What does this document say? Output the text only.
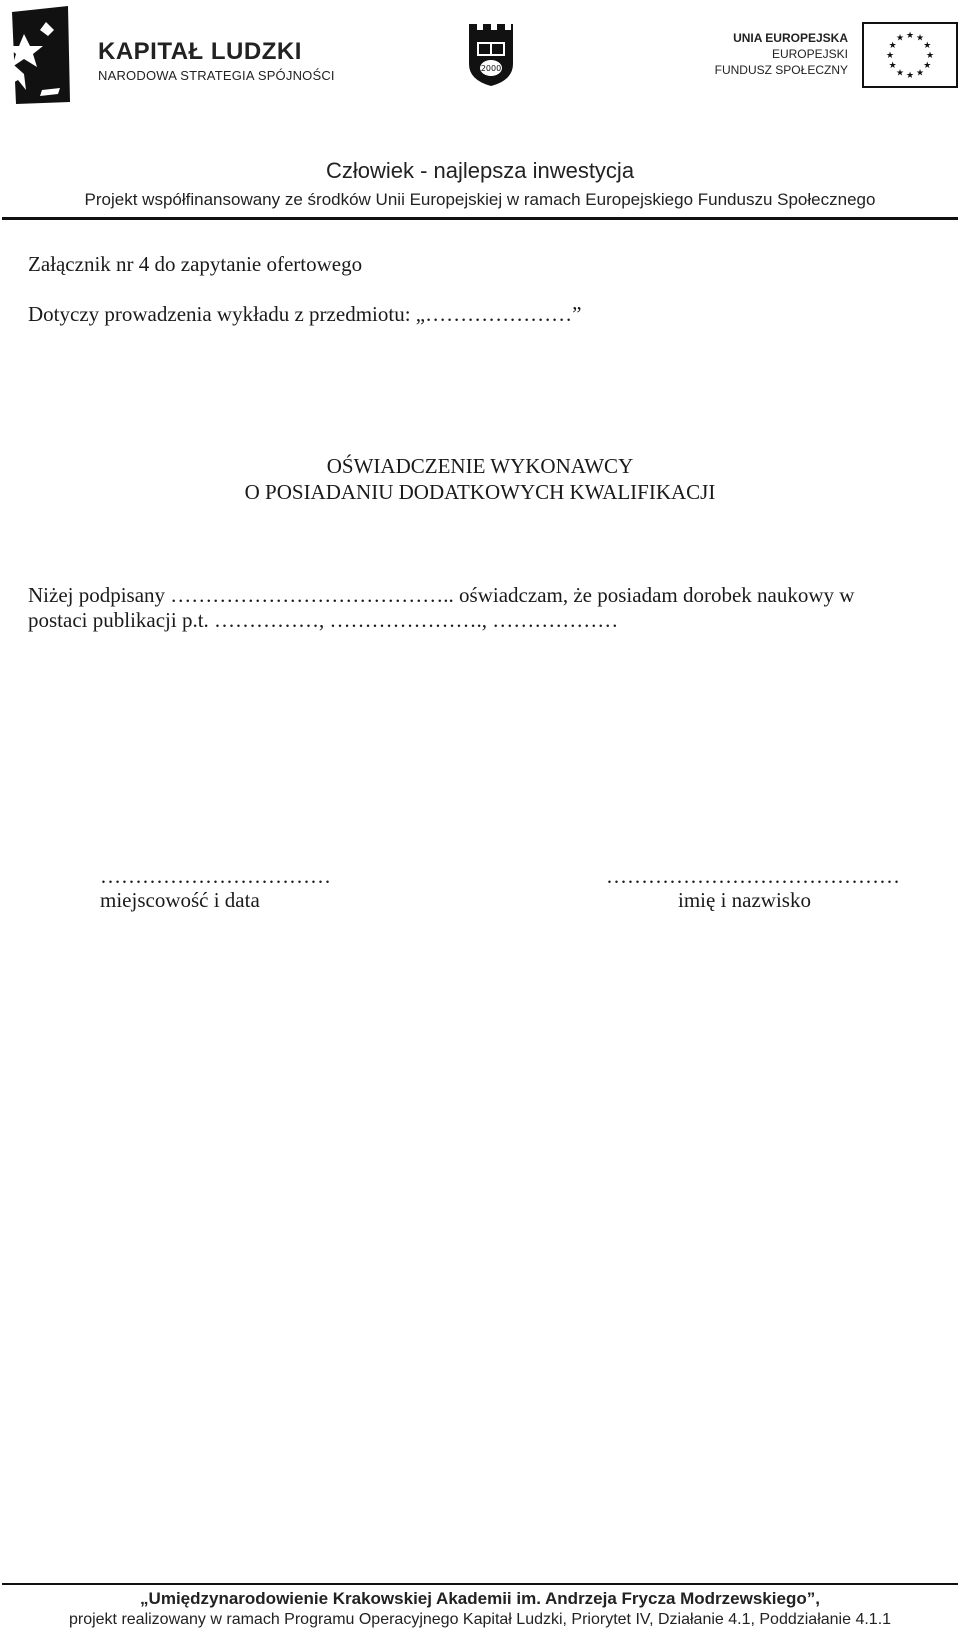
KAPITAŁ LUDZKI
NARODOWA STRATEGIA SPÓJNOŚCI	2000
UNIA EUROPEJSKA
EUROPEJSKI
FUNDUSZ SPOŁECZNY
★ ★
★
★
★
★
★
★
★
★
★
★
Człowiek - najlepsza inwestycja
Projekt współfinansowany ze środków Unii Europejskiej w ramach Europejskiego Funduszu Społecznego
Załącznik nr 4 do zapytanie ofertowego
Dotyczy prowadzenia wykładu z przedmiotu: „…………………”
OŚWIADCZENIE WYKONAWCY
O POSIADANIU DODATKOWYCH KWALIFIKACJI
Niżej podpisany ………………………………….. oświadczam, że posiadam dorobek naukowy w
postaci publikacji p.t. ……………, …………………., ………………
……………………………
miejscowość i data
……………………………………
imię i nazwisko
„Umiędzynarodowienie Krakowskiej Akademii im. Andrzeja Frycza Modrzewskiego”,
projekt realizowany w ramach Programu Operacyjnego Kapitał Ludzki, Priorytet IV, Działanie 4.1, Poddziałanie 4.1.1
